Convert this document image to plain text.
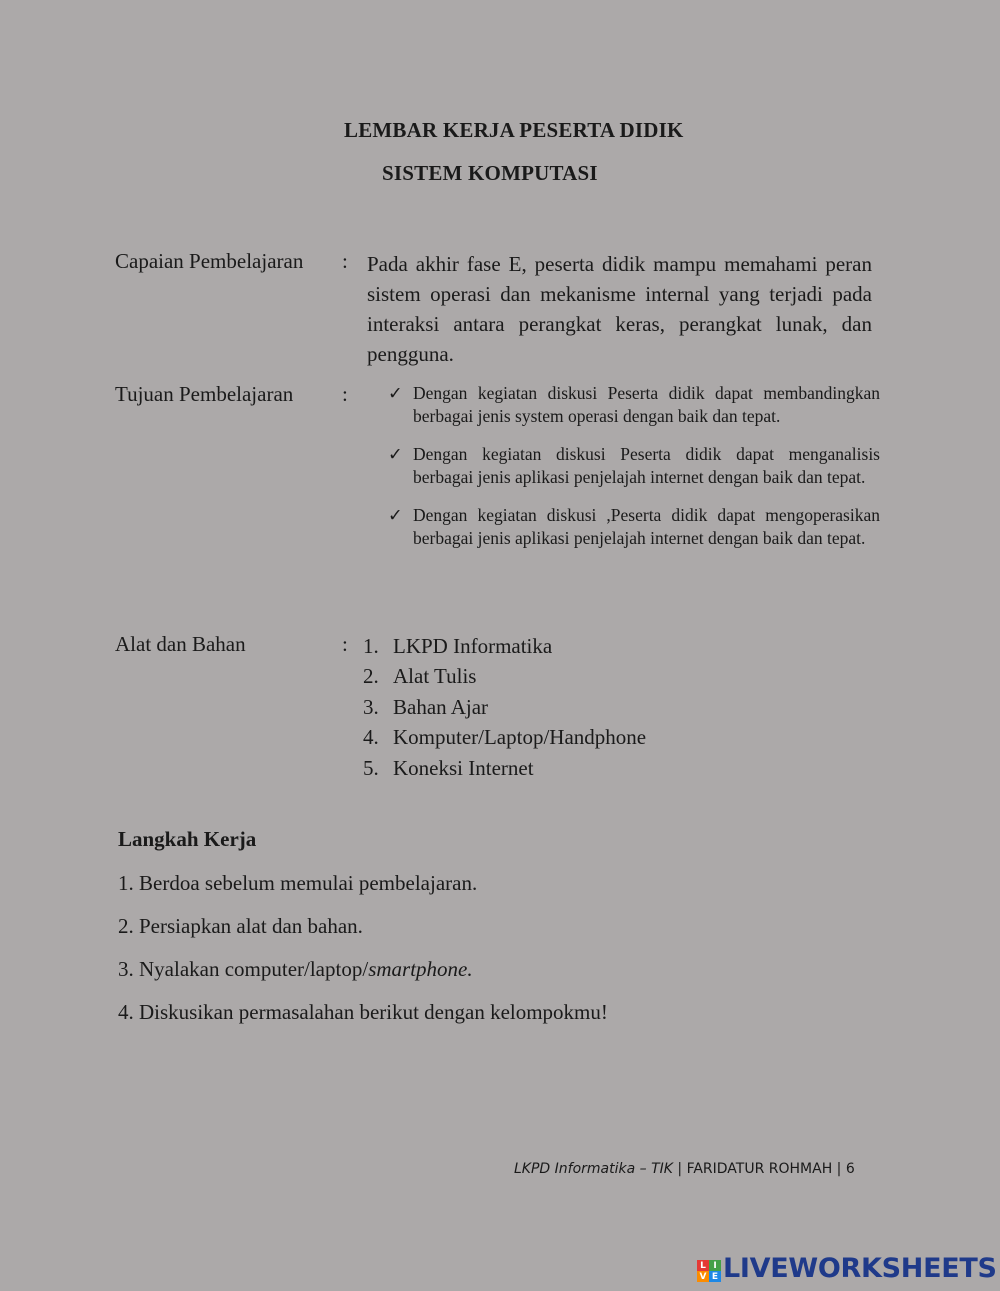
LEMBAR KERJA PESERTA DIDIK
SISTEM KOMPUTASI
Capaian Pembelajaran : Pada akhir fase E, peserta didik mampu memahami peran sistem operasi dan mekanisme internal yang terjadi pada interaksi antara perangkat keras, perangkat lunak, dan pengguna.
Tujuan Pembelajaran : ✓ Dengan kegiatan diskusi Peserta didik dapat membandingkan berbagai jenis system operasi dengan baik dan tepat.
✓ Dengan kegiatan diskusi Peserta didik dapat menganalisis berbagai jenis aplikasi penjelajah internet dengan baik dan tepat.
✓ Dengan kegiatan diskusi ,Peserta didik dapat mengoperasikan berbagai jenis aplikasi penjelajah internet dengan baik dan tepat.
Alat dan Bahan	: 1. LKPD Informatika
2. Alat Tulis
3. Bahan Ajar
4. Komputer/Laptop/Handphone
5. Koneksi Internet
Langkah Kerja
1. Berdoa sebelum memulai pembelajaran.
2. Persiapkan alat dan bahan.
3. Nyalakan computer/laptop/smartphone.
4. Diskusikan permasalahan berikut dengan kelompokmu!
LKPD Informatika – TIK | FARIDATUR ROHMAH | 6
L I
V E LIVEWORKSHEETS
